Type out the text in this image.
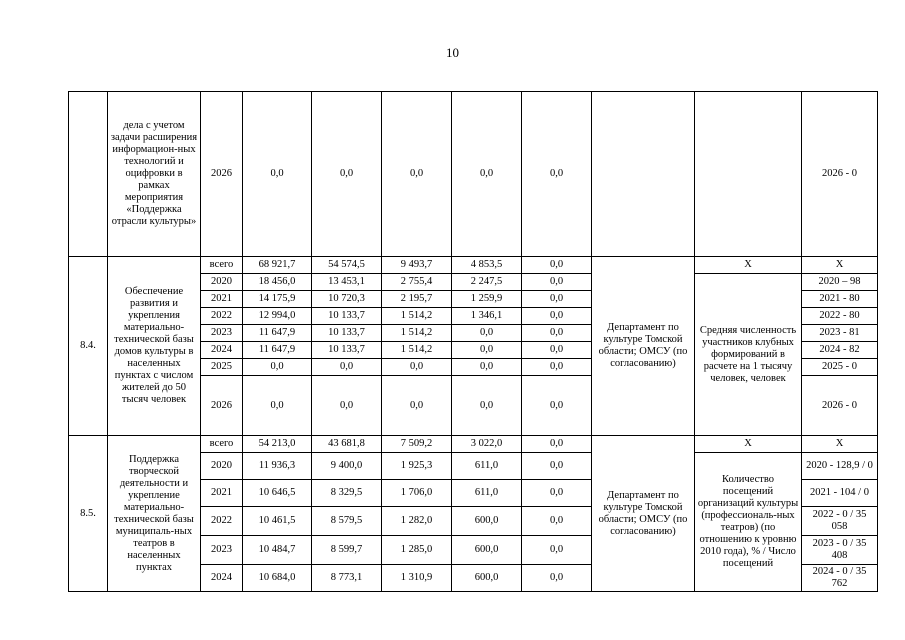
10
	дела с учетом задачи расширения информацион-ных технологий и оцифровки в рамках мероприятия «Поддержка отрасли культуры»	2026	0,0	0,0	0,0	0,0	0,0			2026 - 0
8.4.	Обеспечение развития и укрепления материально-технической базы домов культуры в населенных пунктах с числом жителей до 50 тысяч человек	всего	68 921,7	54 574,5	9 493,7	4 853,5	0,0	Департамент по культуре Томской области; ОМСУ (по согласованию)	Х	Х
		2020	18 456,0	13 453,1	2 755,4	2 247,5	0,0		Средняя численность участников клубных формирований в расчете на 1 тысячу человек, человек	2020 – 98
		2021	14 175,9	10 720,3	2 195,7	1 259,9	0,0			2021 - 80
		2022	12 994,0	10 133,7	1 514,2	1 346,1	0,0			2022 - 80
		2023	11 647,9	10 133,7	1 514,2	0,0	0,0			2023 - 81
		2024	11 647,9	10 133,7	1 514,2	0,0	0,0			2024 - 82
		2025	0,0	0,0	0,0	0,0	0,0			2025 - 0
		2026	0,0	0,0	0,0	0,0	0,0			2026 - 0
8.5.	Поддержка творческой деятельности и укрепление материально-технической базы муниципаль-ных театров в населенных пунктах	всего	54 213,0	43 681,8	7 509,2	3 022,0	0,0	Департамент по культуре Томской области; ОМСУ (по согласованию)	Х	Х
		2020	11 936,3	9 400,0	1 925,3	611,0	0,0		Количество посещений организаций культуры (профессиональ-ных театров) (по отношению к уровню 2010 года), % / Число посещений	2020 - 128,9 / 0
		2021	10 646,5	8 329,5	1 706,0	611,0	0,0			2021 - 104 / 0
		2022	10 461,5	8 579,5	1 282,0	600,0	0,0			2022 - 0 / 35 058
		2023	10 484,7	8 599,7	1 285,0	600,0	0,0			2023 - 0 / 35 408
		2024	10 684,0	8 773,1	1 310,9	600,0	0,0			2024 - 0 / 35 762
